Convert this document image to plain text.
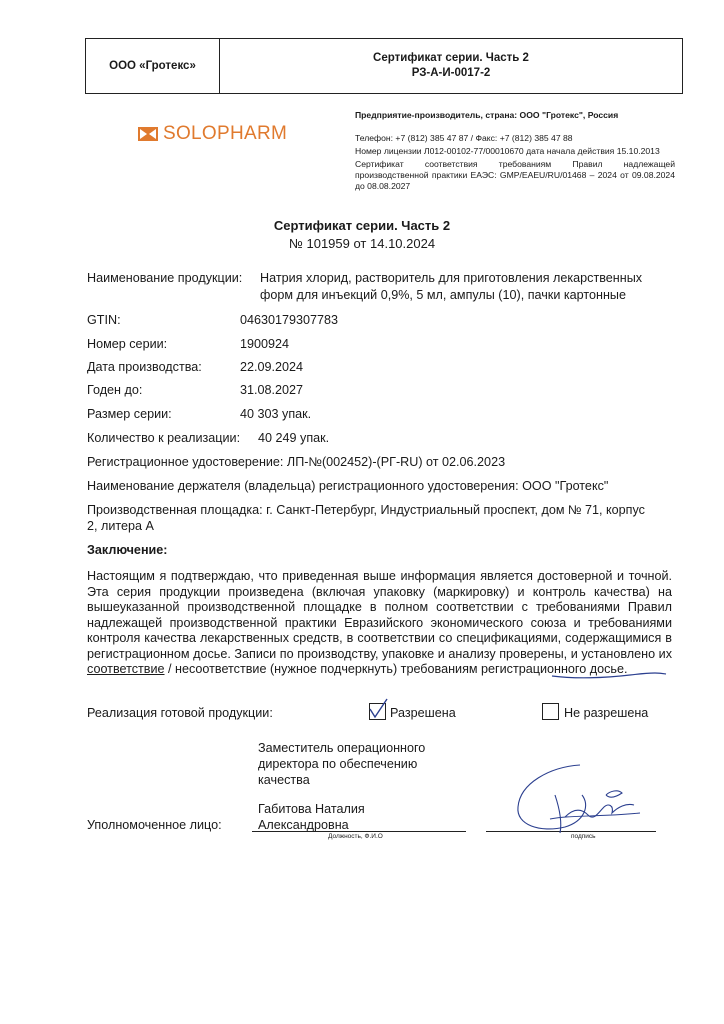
ООО «Гротекс»
Сертификат серии. Часть 2
РЗ-А-И-0017-2
SOLOPHARM
Предприятие-производитель, страна: ООО "Гротекс", Россия
Телефон: +7 (812) 385 47 87 / Факс: +7 (812) 385 47 88
Номер лицензии Л012-00102-77/00010670 дата начала действия 15.10.2013
Сертификат соответствия требованиям Правил надлежащей производственной практики ЕАЭС: GMP/EAEU/RU/01468 – 2024 от 09.08.2024 до 08.08.2027
Сертификат серии. Часть 2
№ 101959 от 14.10.2024
Наименование продукции: Натрия хлорид, растворитель для приготовления лекарственных
форм для инъекций 0,9%, 5 мл, ампулы (10), пачки картонные
GTIN:	04630179307783
Номер серии:	1900924
Дата производства:	22.09.2024
Годен до:	31.08.2027
Размер серии:	40 303 упак.
Количество к реализации: 40 249 упак.
Регистрационное удостоверение: ЛП-№(002452)-(РГ-RU) от 02.06.2023
Наименование держателя (владельца) регистрационного удостоверения: ООО "Гротекс"
Производственная площадка: г. Санкт-Петербург, Индустриальный проспект, дом № 71, корпус
2, литера А
Заключение:
Настоящим я подтверждаю, что приведенная выше информация является достоверной и точной. Эта серия продукции произведена (включая упаковку (маркировку) и контроль качества) на вышеуказанной производственной площадке в полном соответствии с требованиями Правил надлежащей производственной практики Евразийского экономического союза и требованиями контроля качества лекарственных средств, в соответствии со спецификациями, содержащимися в регистрационном досье. Записи по производству, упаковке и анализу проверены, и установлено их соответствие / несоответствие (нужное подчеркнуть) требованиям регистрационного досье.
Реализация готовой продукции:	Разрешена	Не разрешена
Заместитель операционного
директора по обеспечению
качества
Габитова Наталия
Александровна
Уполномоченное лицо:
Должность, Ф.И.О	подпись
